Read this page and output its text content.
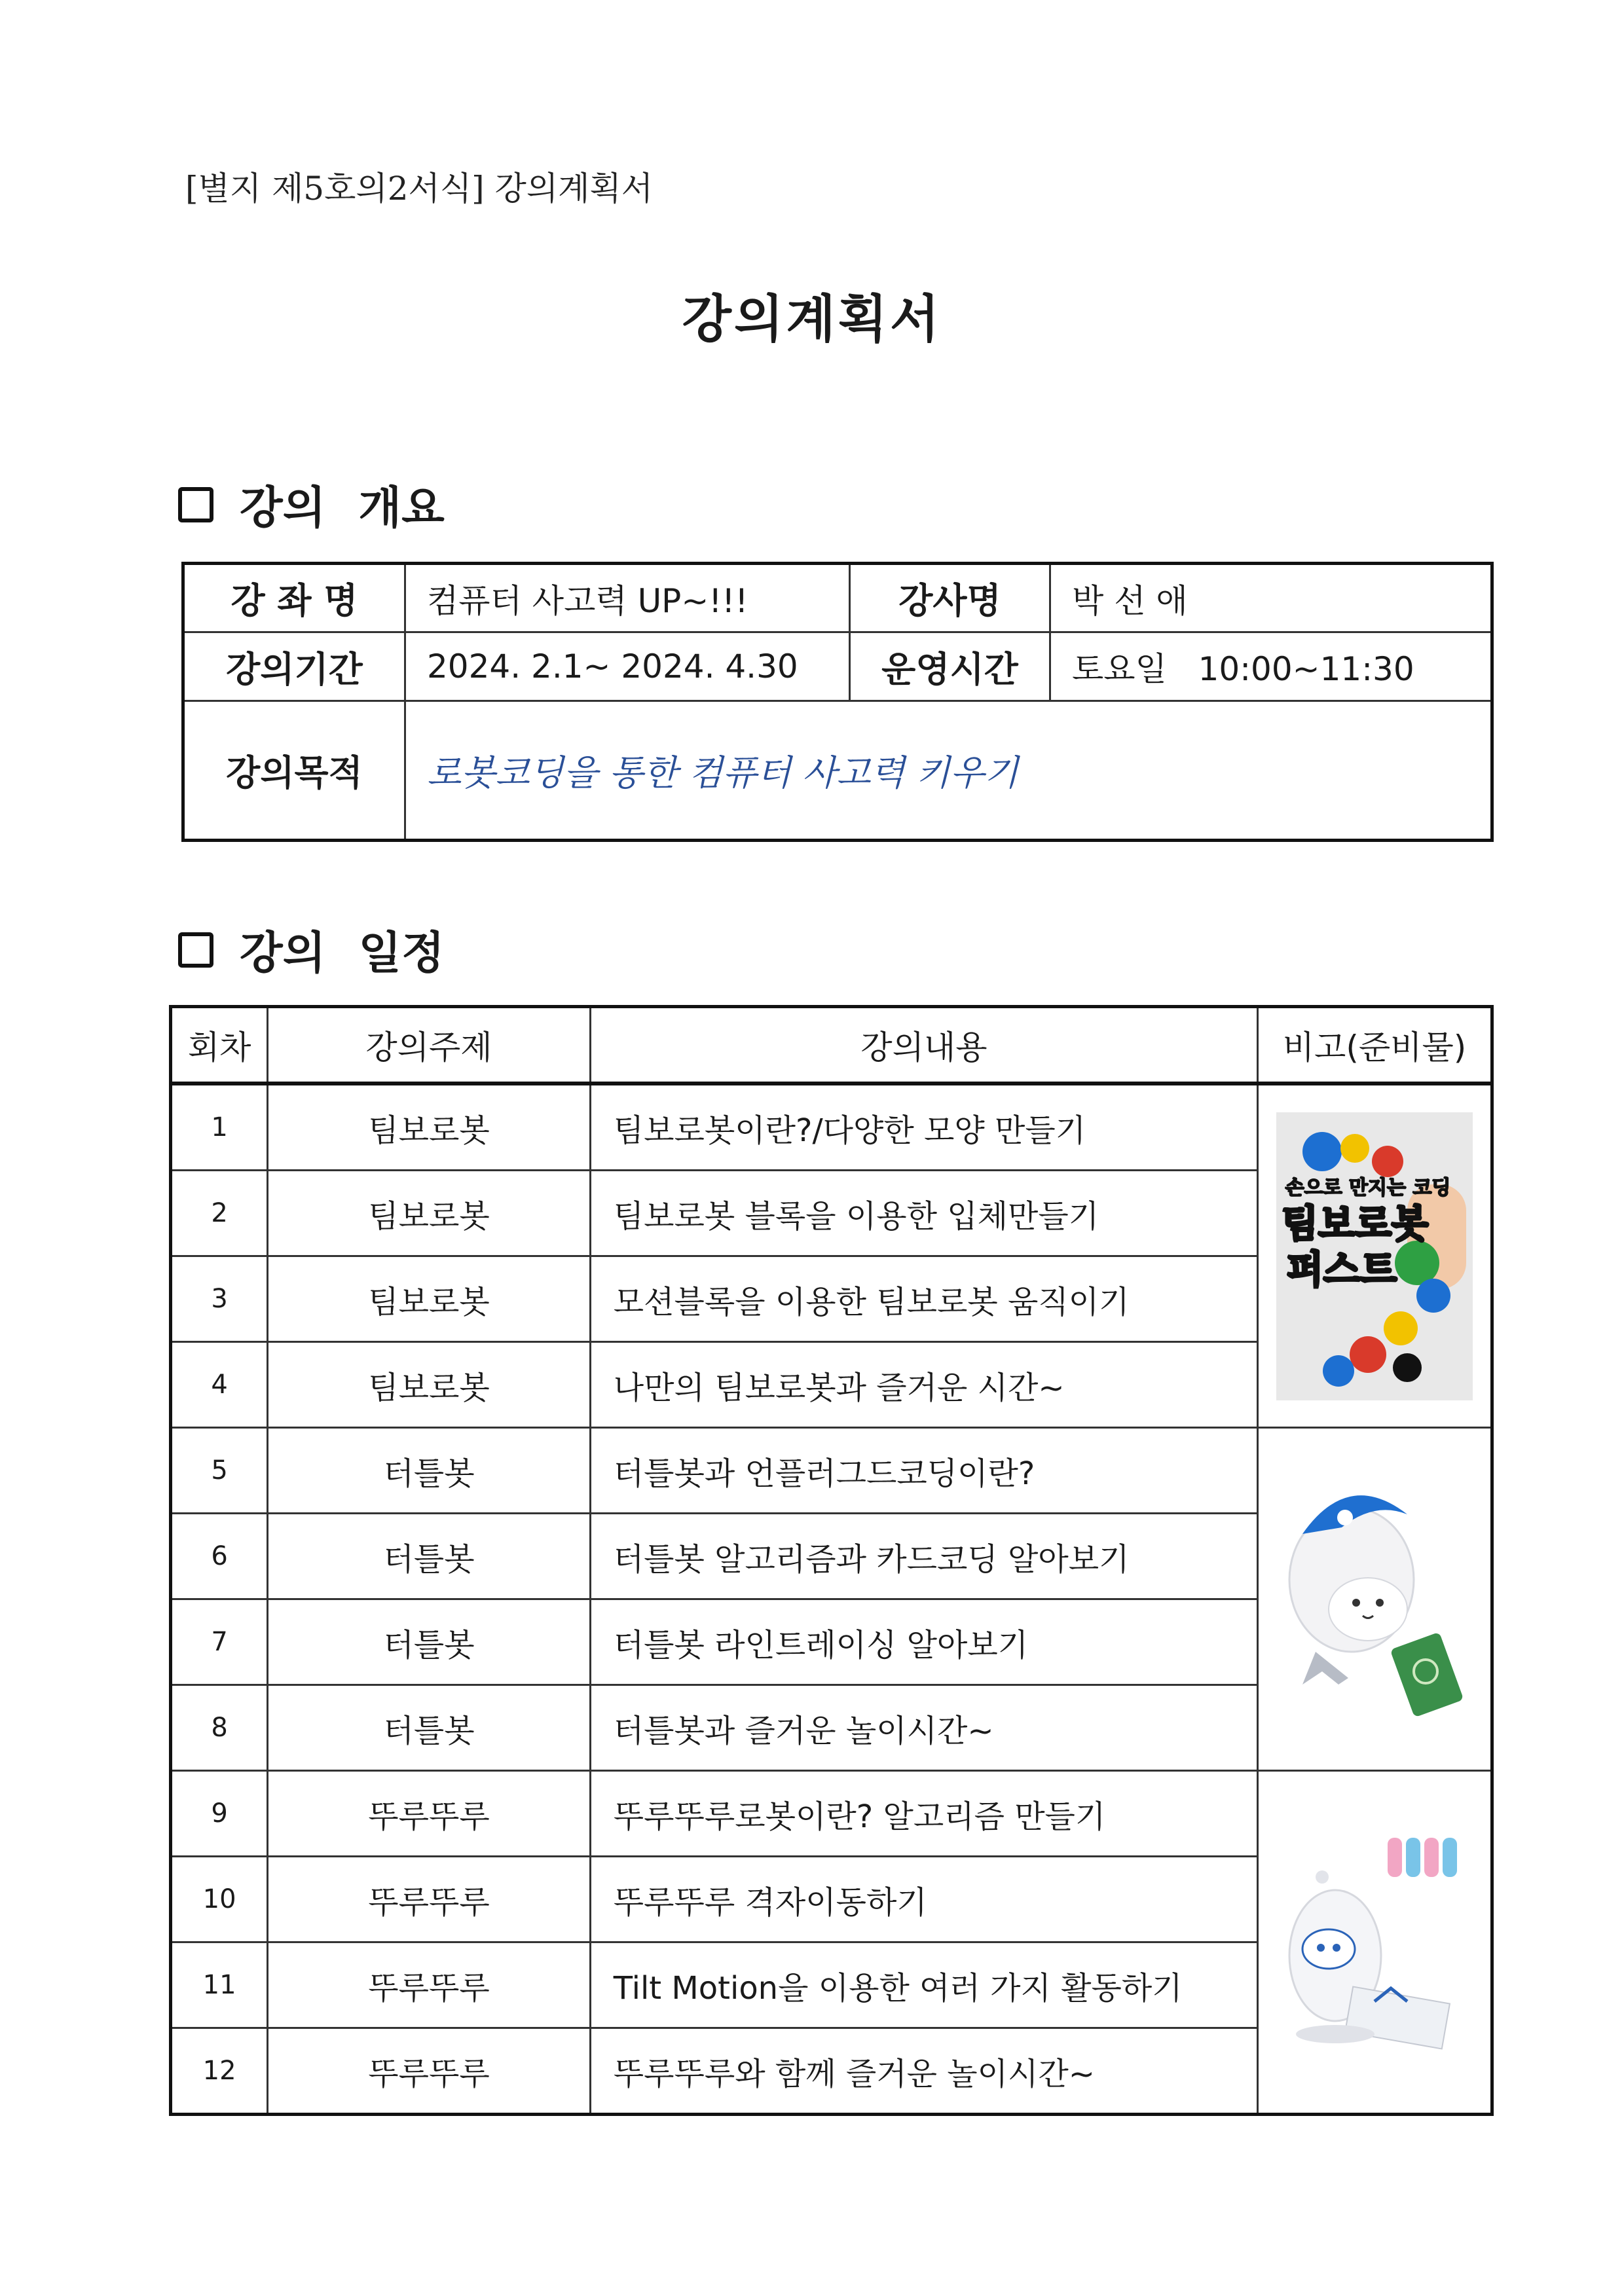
[별지 제5호의2서식] 강의계획서
강의계획서
강의 개요
강 좌 명	컴퓨터 사고력 UP~!!!	강사명	박 선 애
강의기간	2024. 2.1~ 2024. 4.30	운영시간	토요일   10:00~11:30
강의목적	로봇코딩을 통한 컴퓨터 사고력 키우기		
강의 일정
회차	강의주제	강의내용	비고(준비물)
1	팀보로봇	팀보로봇이란?/다양한 모양 만들기	손으로 만지는 코딩
팀보로봇
퍼스트

2	팀보로봇	팀보로봇 블록을 이용한 입체만들기	
3	팀보로봇	모션블록을 이용한 팀보로봇 움직이기	
4	팀보로봇	나만의 팀보로봇과 즐거운 시간~	
5	터틀봇	터틀봇과 언플러그드코딩이란?	

6	터틀봇	터틀봇 알고리즘과 카드코딩 알아보기	
7	터틀봇	터틀봇 라인트레이싱 알아보기	
8	터틀봇	터틀봇과 즐거운 놀이시간~	
9	뚜루뚜루	뚜루뚜루로봇이란? 알고리즘 만들기	

10	뚜루뚜루	뚜루뚜루 격자이동하기	
11	뚜루뚜루	Tilt Motion을 이용한 여러 가지 활동하기	
12	뚜루뚜루	뚜루뚜루와 함께 즐거운 놀이시간~	
